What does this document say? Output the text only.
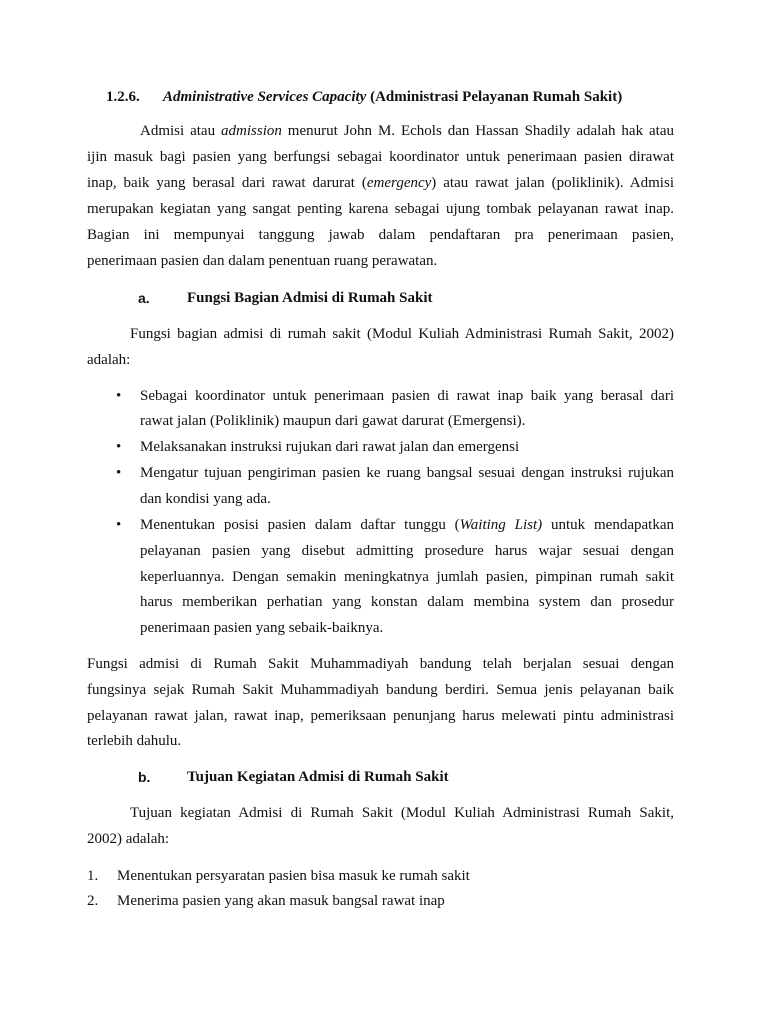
1.2.6. Administrative Services Capacity (Administrasi Pelayanan Rumah Sakit)
Admisi atau admission menurut John M. Echols dan Hassan Shadily adalah hak atau
ijin masuk bagi pasien yang berfungsi sebagai koordinator untuk penerimaan pasien dirawat
inap, baik yang berasal dari rawat darurat (emergency) atau rawat jalan (poliklinik). Admisi
merupakan kegiatan yang sangat penting karena sebagai ujung tombak pelayanan rawat inap.
Bagian ini mempunyai tanggung jawab dalam pendaftaran pra penerimaan pasien,
penerimaan pasien dan dalam penentuan ruang perawatan.
a. Fungsi Bagian Admisi di Rumah Sakit
Fungsi bagian admisi di rumah sakit (Modul Kuliah Administrasi Rumah Sakit, 2002)
adalah:
• Sebagai koordinator untuk penerimaan pasien di rawat inap baik yang berasal dari
rawat jalan (Poliklinik) maupun dari gawat darurat (Emergensi).
• Melaksanakan instruksi rujukan dari rawat jalan dan emergensi
• Mengatur tujuan pengiriman pasien ke ruang bangsal sesuai dengan instruksi rujukan
dan kondisi yang ada.
• Menentukan posisi pasien dalam daftar tunggu (Waiting List) untuk mendapatkan
pelayanan pasien yang disebut admitting prosedure harus wajar sesuai dengan
keperluannya. Dengan semakin meningkatnya jumlah pasien, pimpinan rumah sakit
harus memberikan perhatian yang konstan dalam membina system dan prosedur
penerimaan pasien yang sebaik-baiknya.
Fungsi admisi di Rumah Sakit Muhammadiyah bandung telah berjalan sesuai dengan
fungsinya sejak Rumah Sakit Muhammadiyah bandung berdiri. Semua jenis pelayanan baik
pelayanan rawat jalan, rawat inap, pemeriksaan penunjang harus melewati pintu administrasi
terlebih dahulu.
b. Tujuan Kegiatan Admisi di Rumah Sakit
Tujuan kegiatan Admisi di Rumah Sakit (Modul Kuliah Administrasi Rumah Sakit,
2002) adalah:
1. Menentukan persyaratan pasien bisa masuk ke rumah sakit
2. Menerima pasien yang akan masuk bangsal rawat inap
